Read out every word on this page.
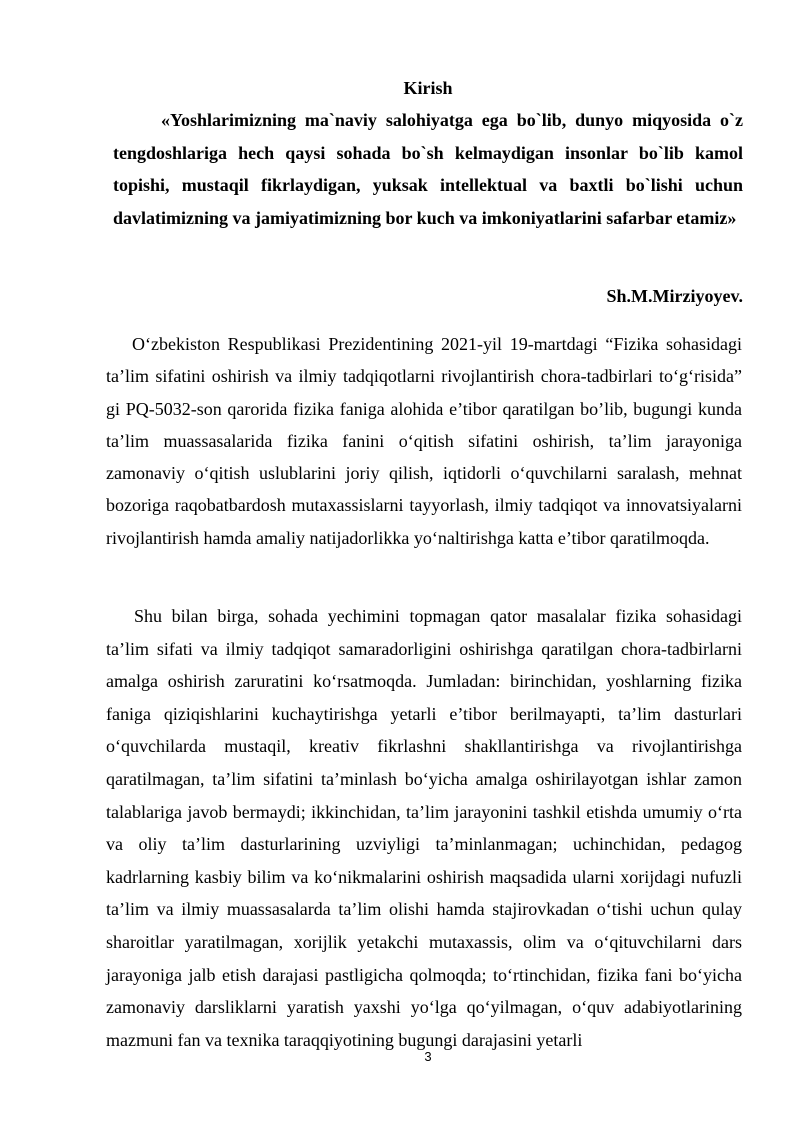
Kirish
«Yoshlarimizning ma`naviy salohiyatga ega bo`lib, dunyo miqyosida o`z tengdoshlariga hech qaysi sohada bo`sh kelmaydigan insonlar bo`lib kamol topishi, mustaqil fikrlaydigan, yuksak intellektual va baxtli bo`lishi uchun davlatimizning va jamiyatimizning bor kuch va imkoniyatlarini safarbar etamiz»
Sh.M.Mirziyoyev.
O‘zbekiston Respublikasi Prezidentining 2021-yil 19-martdagi “Fizika sohasidagi ta’lim sifatini oshirish va ilmiy tadqiqotlarni rivojlantirish chora-tadbirlari to‘g‘risida” gi PQ-5032-son qarorida fizika faniga alohida e’tibor qaratilgan bo’lib, bugungi kunda ta’lim muassasalarida fizika fanini o‘qitish sifatini oshirish, ta’lim jarayoniga zamonaviy o‘qitish uslublarini joriy qilish, iqtidorli o‘quvchilarni saralash, mehnat bozoriga raqobatbardosh mutaxassislarni tayyorlash, ilmiy tadqiqot va innovatsiyalarni rivojlantirish hamda amaliy natijadorlikka yo‘naltirishga katta e’tibor qaratilmoqda.
Shu bilan birga, sohada yechimini topmagan qator masalalar fizika sohasidagi ta’lim sifati va ilmiy tadqiqot samaradorligini oshirishga qaratilgan chora-tadbirlarni amalga oshirish zaruratini ko‘rsatmoqda. Jumladan: birinchidan, yoshlarning fizika faniga qiziqishlarini kuchaytirishga yetarli e’tibor berilmayapti, ta’lim dasturlari o‘quvchilarda mustaqil, kreativ fikrlashni shakllantirishga va rivojlantirishga qaratilmagan, ta’lim sifatini ta’minlash bo‘yicha amalga oshirilayotgan ishlar zamon talablariga javob bermaydi; ikkinchidan, ta’lim jarayonini tashkil etishda umumiy o‘rta va oliy ta’lim dasturlarining uzviyligi ta’minlanmagan; uchinchidan, pedagog kadrlarning kasbiy bilim va ko‘nikmalarini oshirish maqsadida ularni xorijdagi nufuzli ta’lim va ilmiy muassasalarda ta’lim olishi hamda stajirovkadan o‘tishi uchun qulay sharoitlar yaratilmagan, xorijlik yetakchi mutaxassis, olim va o‘qituvchilarni dars jarayoniga jalb etish darajasi pastligicha qolmoqda; to‘rtinchidan, fizika fani bo‘yicha zamonaviy darsliklarni yaratish yaxshi yo‘lga qo‘yilmagan, o‘quv adabiyotlarining mazmuni fan va texnika taraqqiyotining bugungi darajasini yetarli
3
